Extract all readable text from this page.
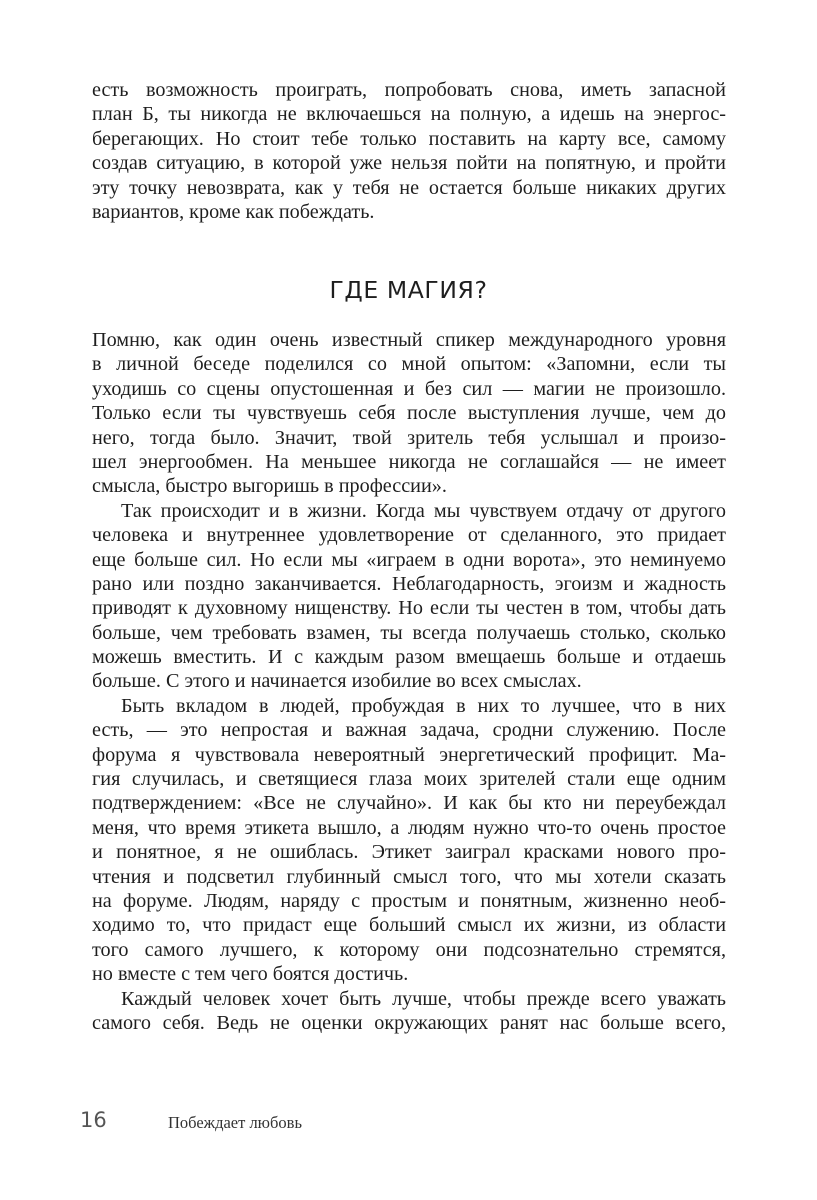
есть возможность проиграть, попробовать снова, иметь запасной
план Б, ты никогда не включаешься на полную, а идешь на энергос-
берегающих. Но стоит тебе только поставить на карту все, самому
создав ситуацию, в которой уже нельзя пойти на попятную, и пройти
эту точку невозврата, как у тебя не остается больше никаких других
вариантов, кроме как побеждать.
ГДЕ МАГИЯ?
Помню, как один очень известный спикер международного уровня
в личной беседе поделился со мной опытом: «Запомни, если ты
уходишь со сцены опустошенная и без сил — магии не произошло.
Только если ты чувствуешь себя после выступления лучше, чем до
него, тогда было. Значит, твой зритель тебя услышал и произо-
шел энергообмен. На меньшее никогда не соглашайся — не имеет
смысла, быстро выгоришь в профессии».
Так происходит и в жизни. Когда мы чувствуем отдачу от другого
человека и внутреннее удовлетворение от сделанного, это придает
еще больше сил. Но если мы «играем в одни ворота», это неминуемо
рано или поздно заканчивается. Неблагодарность, эгоизм и жадность
приводят к духовному нищенству. Но если ты честен в том, чтобы дать
больше, чем требовать взамен, ты всегда получаешь столько, сколько
можешь вместить. И с каждым разом вмещаешь больше и отдаешь
больше. С этого и начинается изобилие во всех смыслах.
Быть вкладом в людей, пробуждая в них то лучшее, что в них
есть, — это непростая и важная задача, сродни служению. После
форума я чувствовала невероятный энергетический профицит. Ма-
гия случилась, и светящиеся глаза моих зрителей стали еще одним
подтверждением: «Все не случайно». И как бы кто ни переубеждал
меня, что время этикета вышло, а людям нужно что-то очень простое
и понятное, я не ошиблась. Этикет заиграл красками нового про-
чтения и подсветил глубинный смысл того, что мы хотели сказать
на форуме. Людям, наряду с простым и понятным, жизненно необ-
ходимо то, что придаст еще больший смысл их жизни, из области
того самого лучшего, к которому они подсознательно стремятся,
но вместе с тем чего боятся достичь.
Каждый человек хочет быть лучше, чтобы прежде всего уважать
самого себя. Ведь не оценки окружающих ранят нас больше всего,
16	Побеждает любовь
